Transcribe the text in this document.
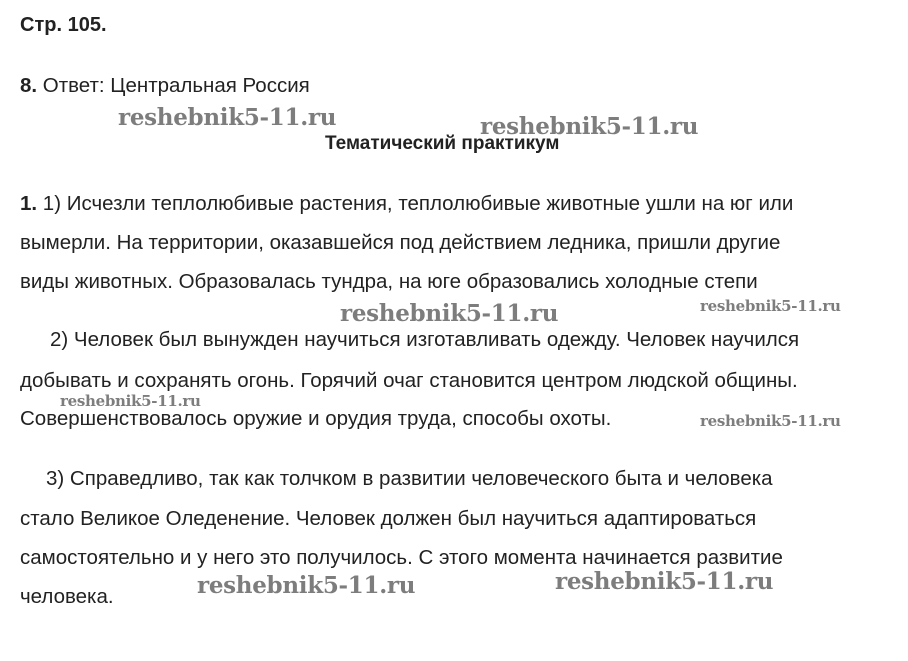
Стр. 105.
8. Ответ: Центральная Россия
Тематический практикум
1. 1) Исчезли теплолюбивые растения, теплолюбивые животные ушли на юг или
вымерли. На территории, оказавшейся под действием ледника, пришли другие
виды животных. Образовалась тундра, на юге образовались холодные степи
2) Человек был вынужден научиться изготавливать одежду. Человек научился
добывать и сохранять огонь. Горячий очаг становится центром людской общины.
Совершенствовалось оружие и орудия труда, способы охоты.
3) Справедливо, так как толчком в развитии человеческого быта и человека
стало Великое Оледенение. Человек должен был научиться адаптироваться
самостоятельно и у него это получилось. С этого момента начинается развитие
человека.
reshebnik5-11.ru	reshebnik5-11.ru
reshebnik5-11.ru	reshebnik5-11.ru
reshebnik5-11.ru
reshebnik5-11.ru
reshebnik5-11.ru	reshebnik5-11.ru
